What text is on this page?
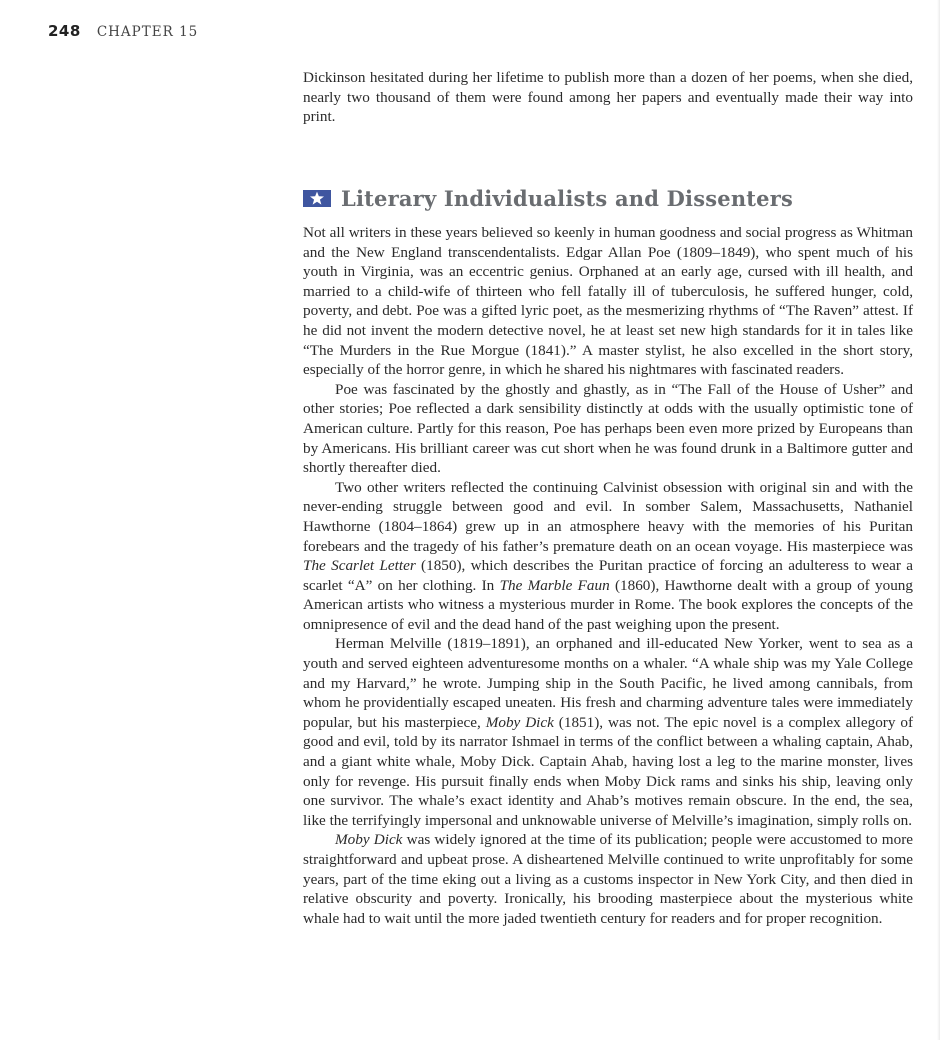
248 CHAPTER 15

Dickinson hesitated during her lifetime to publish more than a dozen of her poems, when she died, nearly two thousand of them were found among her papers and eventually made their way into print.

Literary Individualists and Dissenters

Not all writers in these years believed so keenly in human goodness and social progress as Whitman and the New England transcendentalists. Edgar Allan Poe (1809–1849), who spent much of his youth in Virginia, was an eccentric genius. Orphaned at an early age, cursed with ill health, and married to a child-wife of thirteen who fell fatally ill of tuberculosis, he suffered hunger, cold, poverty, and debt. Poe was a gifted lyric poet, as the mesmerizing rhythms of “The Raven” attest. If he did not invent the modern detective novel, he at least set new high standards for it in tales like “The Murders in the Rue Morgue (1841).” A master stylist, he also excelled in the short story, especially of the horror genre, in which he shared his nightmares with fascinated readers.

Poe was fascinated by the ghostly and ghastly, as in “The Fall of the House of Usher” and other stories; Poe reflected a dark sensibility distinctly at odds with the usually optimistic tone of American culture. Partly for this reason, Poe has perhaps been even more prized by Europeans than by Americans. His brilliant career was cut short when he was found drunk in a Baltimore gutter and shortly thereafter died.

Two other writers reflected the continuing Calvinist obsession with original sin and with the never-ending struggle between good and evil. In somber Salem, Massachusetts, Nathaniel Hawthorne (1804–1864) grew up in an atmosphere heavy with the memories of his Puritan forebears and the tragedy of his father’s premature death on an ocean voyage. His masterpiece was The Scarlet Letter (1850), which describes the Puritan practice of forcing an adulteress to wear a scarlet “A” on her clothing. In The Marble Faun (1860), Hawthorne dealt with a group of young American artists who witness a mysterious murder in Rome. The book explores the concepts of the omnipresence of evil and the dead hand of the past weighing upon the present.

Herman Melville (1819–1891), an orphaned and ill-educated New Yorker, went to sea as a youth and served eighteen adventuresome months on a whaler. “A whale ship was my Yale College and my Harvard,” he wrote. Jumping ship in the South Pacific, he lived among cannibals, from whom he providentially escaped uneaten. His fresh and charming adventure tales were immediately popular, but his masterpiece, Moby Dick (1851), was not. The epic novel is a complex allegory of good and evil, told by its narrator Ishmael in terms of the conflict between a whaling captain, Ahab, and a giant white whale, Moby Dick. Captain Ahab, having lost a leg to the marine monster, lives only for revenge. His pursuit finally ends when Moby Dick rams and sinks his ship, leaving only one survivor. The whale’s exact identity and Ahab’s motives remain obscure. In the end, the sea, like the terrifyingly impersonal and unknowable universe of Melville’s imagination, simply rolls on.

Moby Dick was widely ignored at the time of its publication; people were accustomed to more straightforward and upbeat prose. A disheartened Melville continued to write unprofitably for some years, part of the time eking out a living as a customs inspector in New York City, and then died in relative obscurity and poverty. Ironically, his brooding masterpiece about the mysterious white whale had to wait until the more jaded twentieth century for readers and for proper recognition.
